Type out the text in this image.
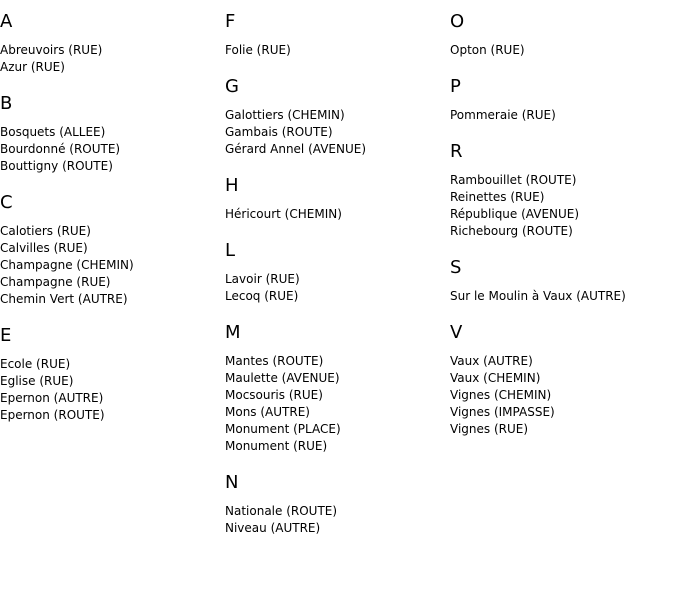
A
Abreuvoirs (RUE)
Azur (RUE)
B
Bosquets (ALLEE)
Bourdonné (ROUTE)
Bouttigny (ROUTE)
C
Calotiers (RUE)
Calvilles (RUE)
Champagne (CHEMIN)
Champagne (RUE)
Chemin Vert (AUTRE)
E
Ecole (RUE)
Eglise (RUE)
Epernon (AUTRE)
Epernon (ROUTE)
F
Folie (RUE)
G
Galottiers (CHEMIN)
Gambais (ROUTE)
Gérard Annel (AVENUE)
H
Héricourt (CHEMIN)
L
Lavoir (RUE)
Lecoq (RUE)
M
Mantes (ROUTE)
Maulette (AVENUE)
Mocsouris (RUE)
Mons (AUTRE)
Monument (PLACE)
Monument (RUE)
N
Nationale (ROUTE)
Niveau (AUTRE)
O
Opton (RUE)
P
Pommeraie (RUE)
R
Rambouillet (ROUTE)
Reinettes (RUE)
République (AVENUE)
Richebourg (ROUTE)
S
Sur le Moulin à Vaux (AUTRE)
V
Vaux (AUTRE)
Vaux (CHEMIN)
Vignes (CHEMIN)
Vignes (IMPASSE)
Vignes (RUE)
